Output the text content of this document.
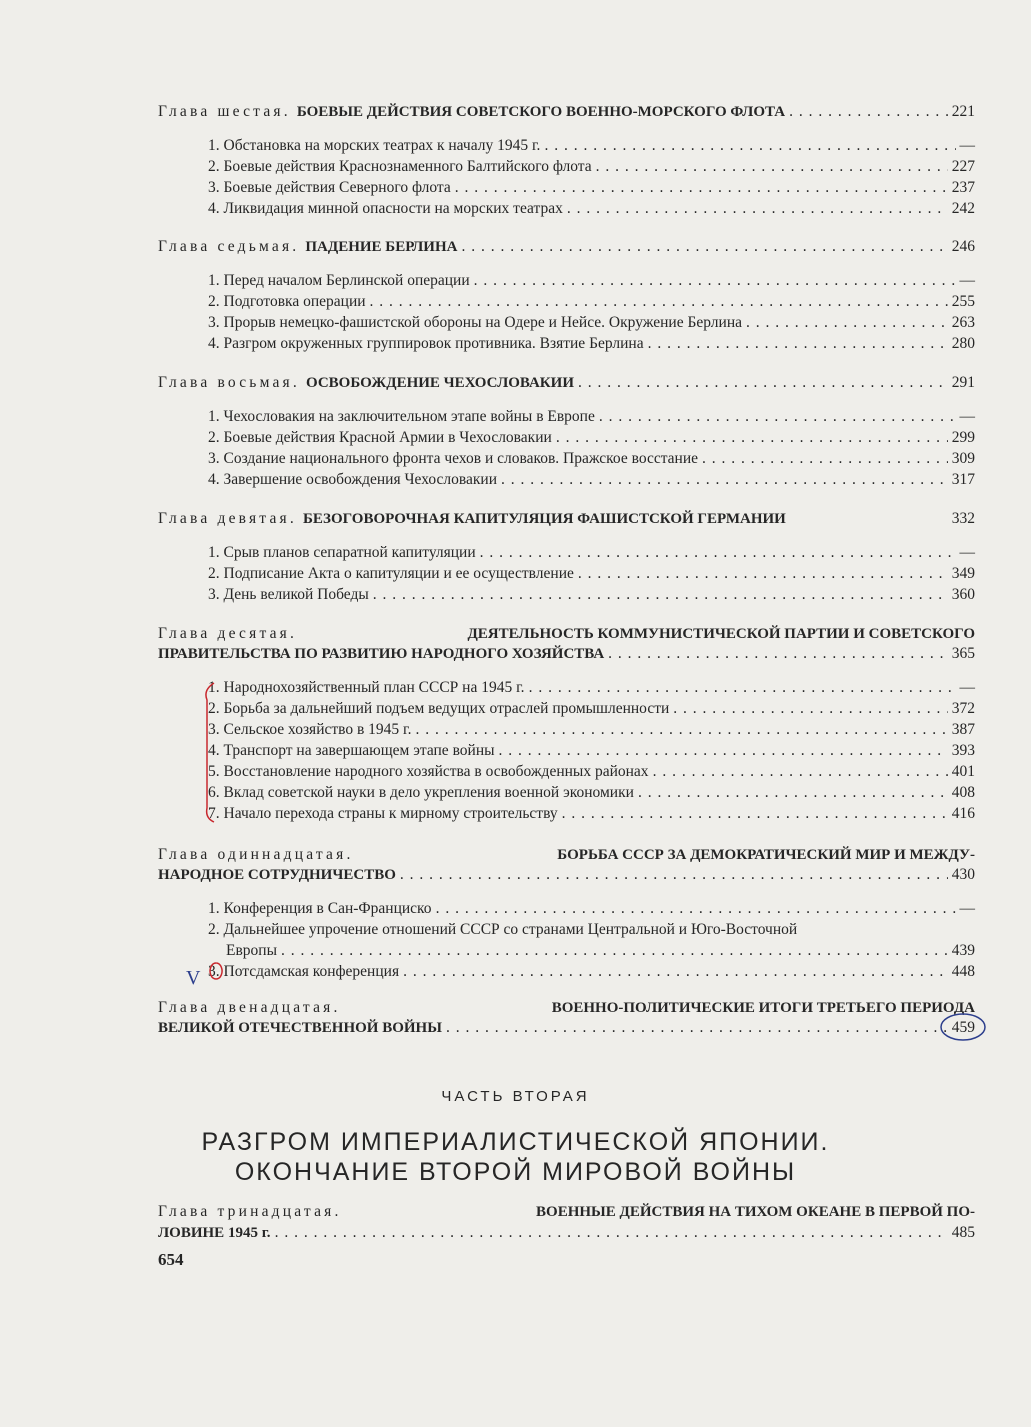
Глава шестая. БОЕВЫЕ ДЕЙСТВИЯ СОВЕТСКОГО ВОЕННО-МОРСКОГО ФЛОТА . . .	221
1. Обстановка на морских театрах к началу 1945 г. . . .	—
2. Боевые действия Краснознаменного Балтийского флота . . .	227
3. Боевые действия Северного флота . . .	237
4. Ликвидация минной опасности на морских театрах . . .	242
Глава седьмая. ПАДЕНИЕ БЕРЛИНА . . .	246
1. Перед началом Берлинской операции . . .	—
2. Подготовка операции . . .	255
3. Прорыв немецко-фашистской обороны на Одере и Нейсе. Окружение Берлина . . .	263
4. Разгром окруженных группировок противника. Взятие Берлина . . .	280
Глава восьмая. ОСВОБОЖДЕНИЕ ЧЕХОСЛОВАКИИ . . .	291
1. Чехословакия на заключительном этапе войны в Европе . . .	—
2. Боевые действия Красной Армии в Чехословакии . . .	299
3. Создание национального фронта чехов и словаков. Пражское восстание . . .	309
4. Завершение освобождения Чехословакии . . .	317
Глава девятая. БЕЗОГОВОРОЧНАЯ КАПИТУЛЯЦИЯ ФАШИСТСКОЙ ГЕРМАНИИ	332
1. Срыв планов сепаратной капитуляции . . .	—
2. Подписание Акта о капитуляции и ее осуществление . . .	349
3. День великой Победы . . .	360
Глава десятая.	ДЕЯТЕЛЬНОСТЬ КОММУНИСТИЧЕСКОЙ ПАРТИИ И СОВЕТСКОГО
ПРАВИТЕЛЬСТВА ПО РАЗВИТИЮ НАРОДНОГО ХОЗЯЙСТВА . . .	365
1. Народнохозяйственный план СССР на 1945 г. . . .	—
2. Борьба за дальнейший подъем ведущих отраслей промышленности . . .	372
3. Сельское хозяйство в 1945 г. . . .	387
4. Транспорт на завершающем этапе войны . . .	393
5. Восстановление народного хозяйства в освобожденных районах . . .	401
6. Вклад советской науки в дело укрепления военной экономики . . .	408
7. Начало перехода страны к мирному строительству . . .	416
Глава одиннадцатая.	БОРЬБА СССР ЗА ДЕМОКРАТИЧЕСКИЙ МИР И МЕЖДУ-
НАРОДНОЕ СОТРУДНИЧЕСТВО . . .	430
1. Конференция в Сан-Франциско . . .	—
2. Дальнейшее упрочение отношений СССР со странами Центральной и Юго-Восточной
Европы . . .	439
3. Потсдамская конференция . . .	448
Глава двенадцатая.	ВОЕННО-ПОЛИТИЧЕСКИЕ ИТОГИ ТРЕТЬЕГО ПЕРИОДА
ВЕЛИКОЙ ОТЕЧЕСТВЕННОЙ ВОЙНЫ . . .	459
ЧАСТЬ ВТОРАЯ
РАЗГРОМ ИМПЕРИАЛИСТИЧЕСКОЙ ЯПОНИИ.
ОКОНЧАНИЕ ВТОРОЙ МИРОВОЙ ВОЙНЫ
Глава тринадцатая.	ВОЕННЫЕ ДЕЙСТВИЯ НА ТИХОМ ОКЕАНЕ В ПЕРВОЙ ПО-
ЛОВИНЕ 1945 г. . . .	485
654
V
